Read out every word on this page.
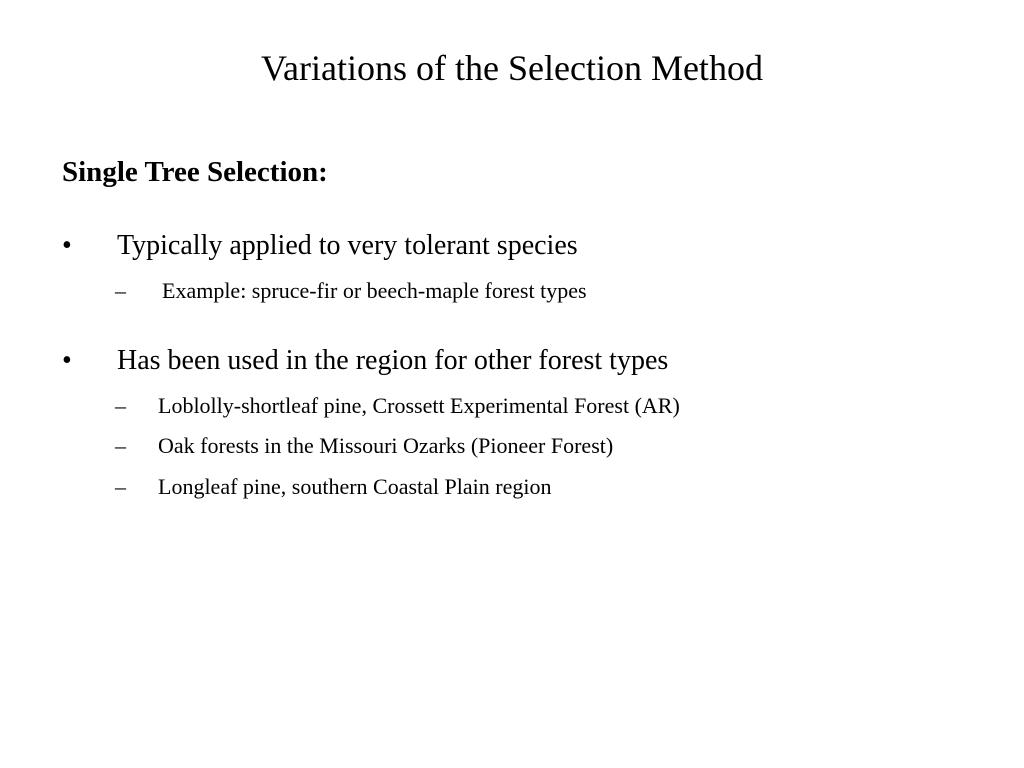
Variations of the Selection Method
Single Tree Selection:
• Typically applied to very tolerant species
– Example: spruce-fir or beech-maple forest types
• Has been used in the region for other forest types
– Loblolly-shortleaf pine, Crossett Experimental Forest (AR)
– Oak forests in the Missouri Ozarks (Pioneer Forest)
– Longleaf pine, southern Coastal Plain region
